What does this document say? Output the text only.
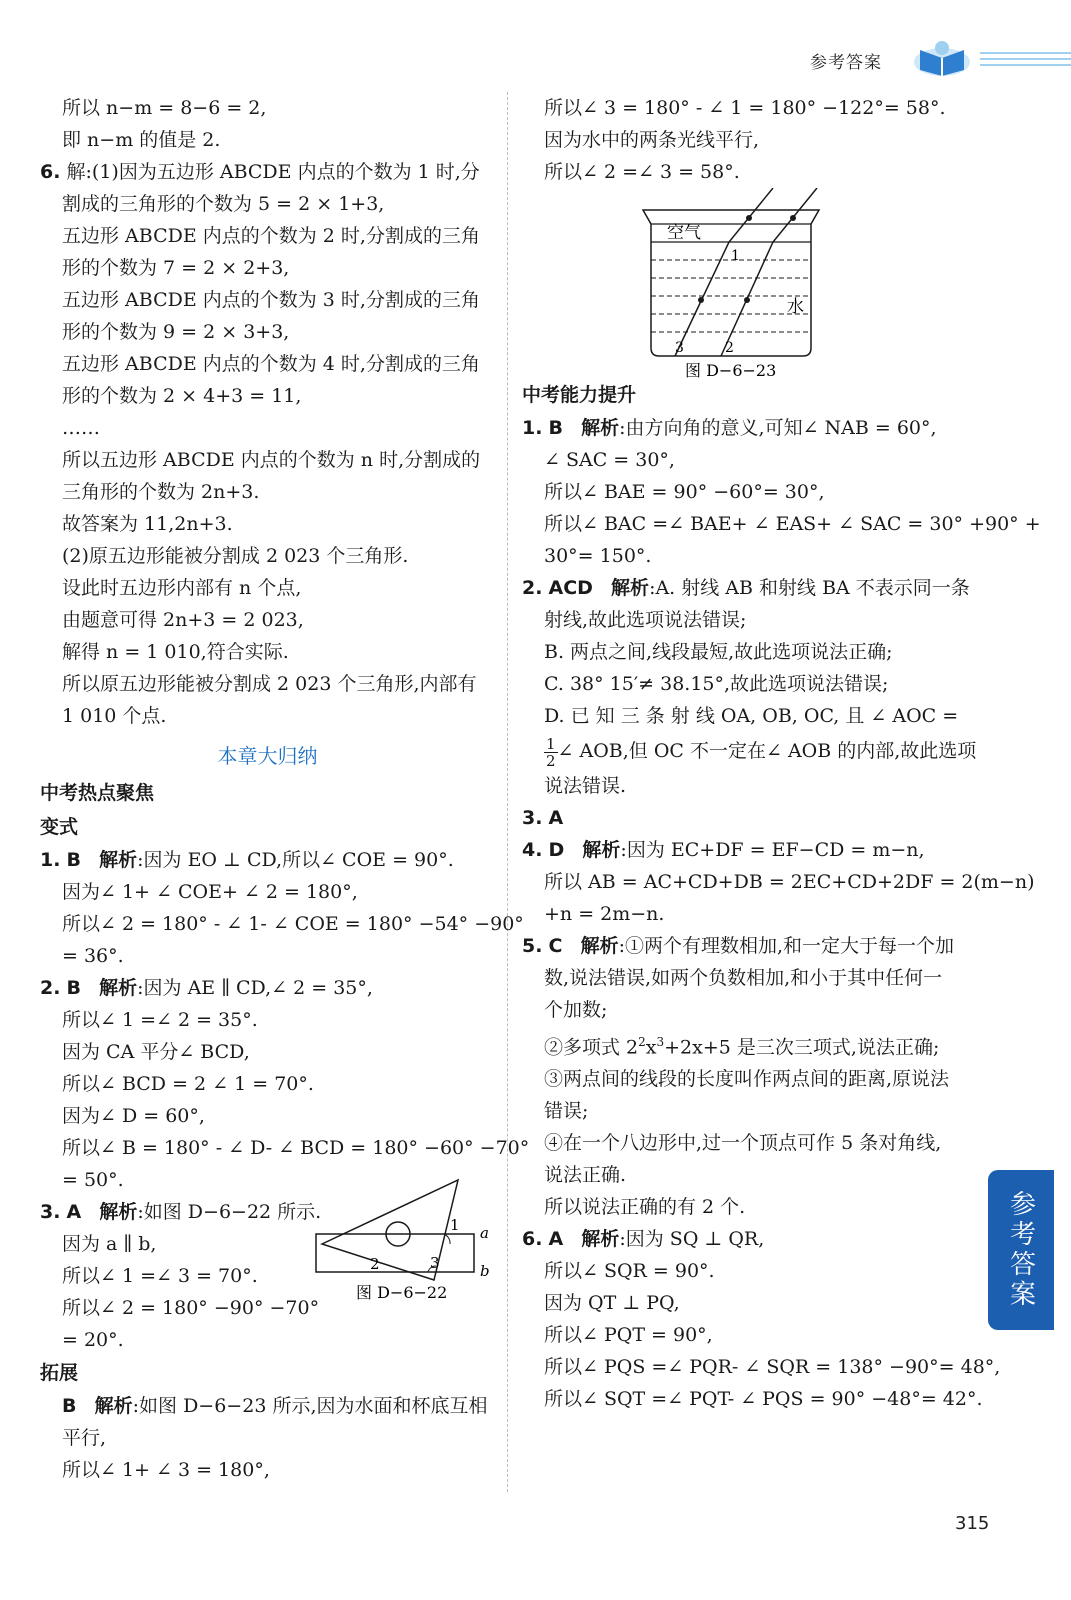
参考答案
所以 n−m = 8−6 = 2,
即 n−m 的值是 2.
6. 解:(1)因为五边形 ABCDE 内点的个数为 1 时,分
割成的三角形的个数为 5 = 2 × 1+3,
五边形 ABCDE 内点的个数为 2 时,分割成的三角
形的个数为 7 = 2 × 2+3,
五边形 ABCDE 内点的个数为 3 时,分割成的三角
形的个数为 9 = 2 × 3+3,
五边形 ABCDE 内点的个数为 4 时,分割成的三角
形的个数为 2 × 4+3 = 11,
……
所以五边形 ABCDE 内点的个数为 n 时,分割成的
三角形的个数为 2n+3.
故答案为 11,2n+3.
(2)原五边形能被分割成 2 023 个三角形.
设此时五边形内部有 n 个点,
由题意可得 2n+3 = 2 023,
解得 n = 1 010,符合实际.
所以原五边形能被分割成 2 023 个三角形,内部有
1 010 个点.
本章大归纳
中考热点聚焦
变式
1. B 解析:因为 EO ⊥ CD,所以∠ COE = 90°.
因为∠ 1+ ∠ COE+ ∠ 2 = 180°,
所以∠ 2 = 180° - ∠ 1- ∠ COE = 180° −54° −90°
= 36°.
2. B 解析:因为 AE ∥ CD,∠ 2 = 35°,
所以∠ 1 =∠ 2 = 35°.
因为 CA 平分∠ BCD,
所以∠ BCD = 2 ∠ 1 = 70°.
因为∠ D = 60°,
所以∠ B = 180° - ∠ D- ∠ BCD = 180° −60° −70°
= 50°.
3. A 解析:如图 D−6−22 所示.
因为 a ∥ b,
所以∠ 1 =∠ 3 = 70°.
所以∠ 2 = 180° −90° −70°
= 20°.
1
2	3
a
b
图 D−6−22
拓展
B 解析:如图 D−6−23 所示,因为水面和杯底互相
平行,
所以∠ 1+ ∠ 3 = 180°,
所以∠ 3 = 180° - ∠ 1 = 180° −122°= 58°.
因为水中的两条光线平行,
所以∠ 2 =∠ 3 = 58°.
空气
水
1
3	2
图 D−6−23
中考能力提升
1. B 解析:由方向角的意义,可知∠ NAB = 60°,
∠ SAC = 30°,
所以∠ BAE = 90° −60°= 30°,
所以∠ BAC =∠ BAE+ ∠ EAS+ ∠ SAC = 30° +90° +
30°= 150°.
2. ACD 解析:A. 射线 AB 和射线 BA 不表示同一条
射线,故此选项说法错误;
B. 两点之间,线段最短,故此选项说法正确;
C. 38° 15′≠ 38.15°,故此选项说法错误;
D. 已 知 三 条 射 线 OA, OB, OC, 且 ∠ AOC =
$\frac{1}{2}$ ∠ AOB,但 OC 不一定在∠ AOB 的内部,故此选项
说法错误.
3. A
4. D 解析:因为 EC+DF = EF−CD = m−n,
所以 AB = AC+CD+DB = 2EC+CD+2DF = 2(m−n)
+n = 2m−n.
5. C 解析:①两个有理数相加,和一定大于每一个加
数,说法错误,如两个负数相加,和小于其中任何一
个加数;
②多项式 $2^2x^3+2x+5$ 是三次三项式,说法正确;
③两点间的线段的长度叫作两点间的距离,原说法
错误;
④在一个八边形中,过一个顶点可作 5 条对角线,
说法正确.
所以说法正确的有 2 个.
6. A 解析:因为 SQ ⊥ QR,
所以∠ SQR = 90°.
因为 QT ⊥ PQ,
所以∠ PQT = 90°,
所以∠ PQS =∠ PQR- ∠ SQR = 138° −90°= 48°,
所以∠ SQT =∠ PQT- ∠ PQS = 90° −48°= 42°.
参考答案
315
